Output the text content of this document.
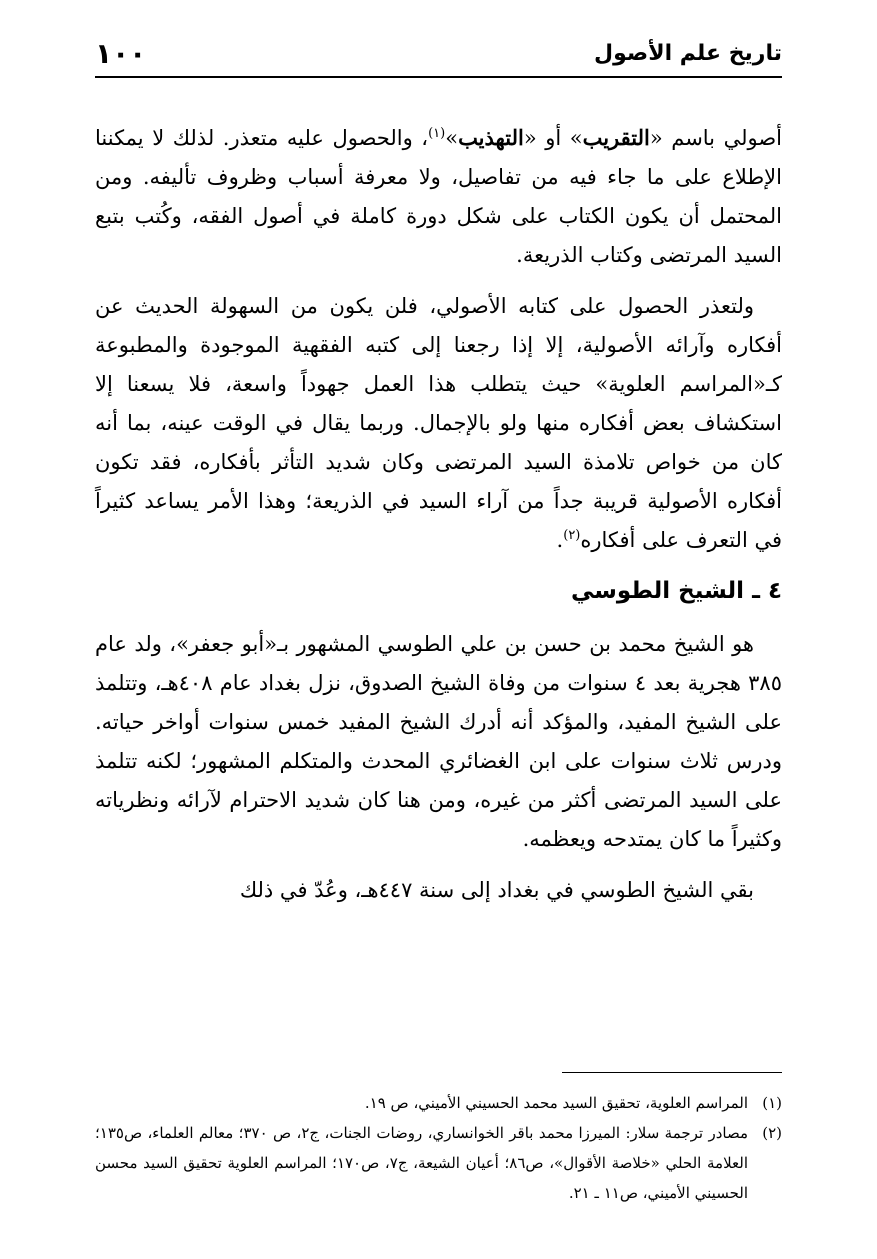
تاريخ علم الأصول
١٠٠

أصولي باسم «التقريب» أو «التهذيب»$^{(١)}$، والحصول عليه متعذر. لذلك لا يمكننا الإطلاع على ما جاء فيه من تفاصيل، ولا معرفة أسباب وظروف تأليفه. ومن المحتمل أن يكون الكتاب على شكل دورة كاملة في أصول الفقه، وكُتب بتبع السيد المرتضى وكتاب الذريعة.

ولتعذر الحصول على كتابه الأصولي، فلن يكون من السهولة الحديث عن أفكاره وآرائه الأصولية، إلا إذا رجعنا إلى كتبه الفقهية الموجودة والمطبوعة كـ«المراسم العلوية» حيث يتطلب هذا العمل جهوداً واسعة، فلا يسعنا إلا استكشاف بعض أفكاره منها ولو بالإجمال. وربما يقال في الوقت عينه، بما أنه كان من خواص تلامذة السيد المرتضى وكان شديد التأثر بأفكاره، فقد تكون أفكاره الأصولية قريبة جداً من آراء السيد في الذريعة؛ وهذا الأمر يساعد كثيراً في التعرف على أفكاره$^{(٢)}$.

٤ ـ الشيخ الطوسي

هو الشيخ محمد بن حسن بن علي الطوسي المشهور بـ«أبو جعفر»، ولد عام ٣٨٥ هجرية بعد ٤ سنوات من وفاة الشيخ الصدوق، نزل بغداد عام ٤٠٨هـ، وتتلمذ على الشيخ المفيد، والمؤكد أنه أدرك الشيخ المفيد خمس سنوات أواخر حياته. ودرس ثلاث سنوات على ابن الغضائري المحدث والمتكلم المشهور؛ لكنه تتلمذ على السيد المرتضى أكثر من غيره، ومن هنا كان شديد الاحترام لآرائه ونظرياته وكثيراً ما كان يمتدحه ويعظمه.

بقي الشيخ الطوسي في بغداد إلى سنة ٤٤٧هـ، وعُدّ في ذلك

(١)المراسم العلوية، تحقيق السيد محمد الحسيني الأميني، ص ١٩.

(٢)مصادر ترجمة سلار: الميرزا محمد باقر الخوانساري، روضات الجنات، ج٢، ص ٣٧٠؛ معالم العلماء، ص١٣٥؛ العلامة الحلي «خلاصة الأقوال»، ص٨٦؛ أعيان الشيعة، ج٧، ص١٧٠؛ المراسم العلوية تحقيق السيد محسن الحسيني الأميني، ص١١ ـ ٢١.
